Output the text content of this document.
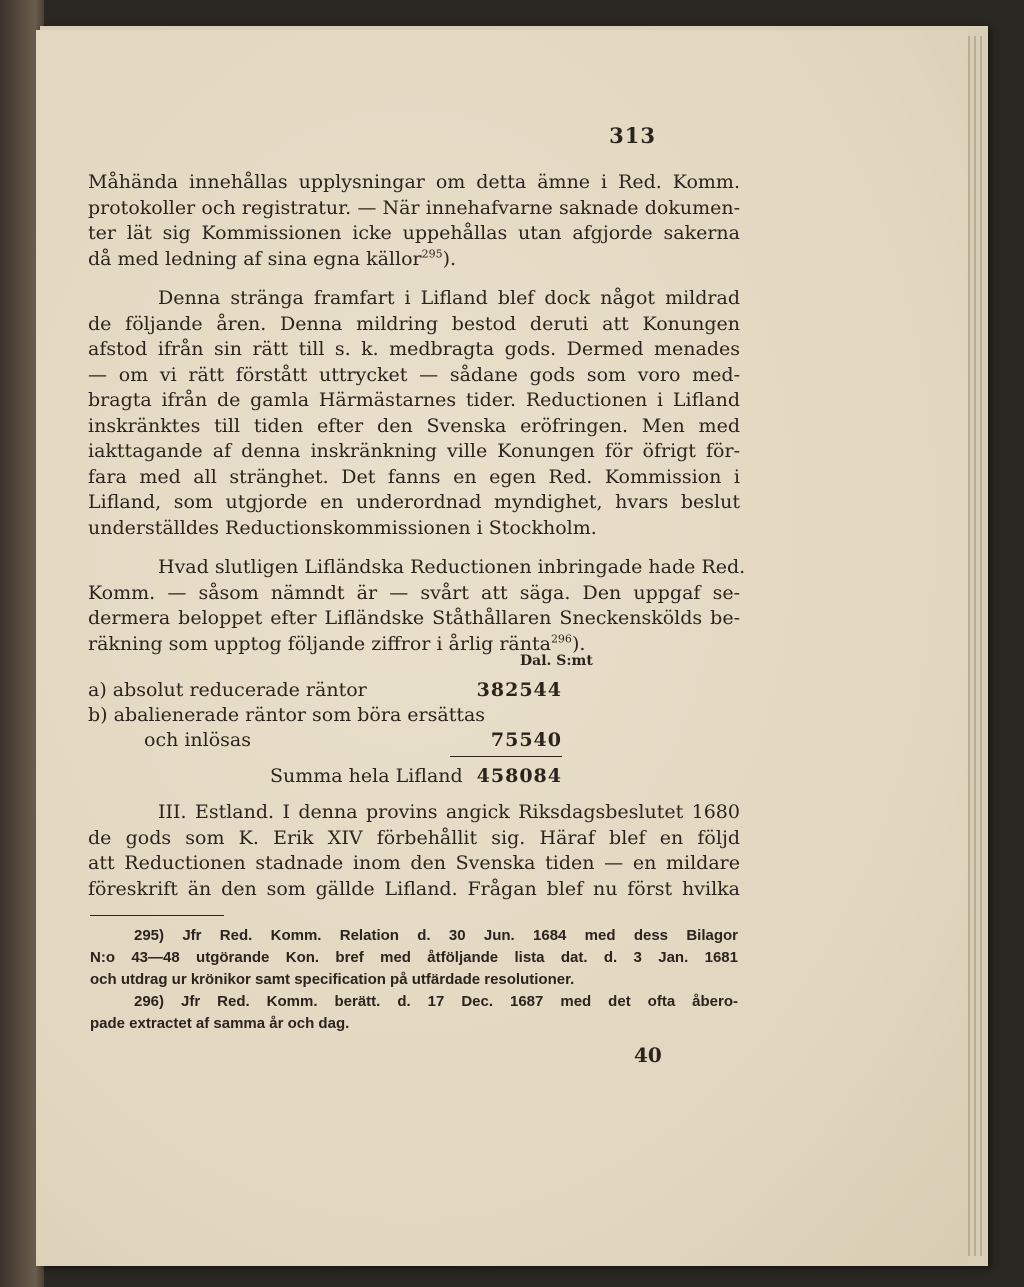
313
Måhända innehållas upplysningar om detta ämne i Red. Komm.
protokoller och registratur. — När innehafvarne saknade dokumen-
ter lät sig Kommissionen icke uppehållas utan afgjorde sakerna
då med ledning af sina egna källor$^{295}$).
Denna stränga framfart i Lifland blef dock något mildrad
de följande åren. Denna mildring bestod deruti att Konungen
afstod ifrån sin rätt till s. k. medbragta gods. Dermed menades
— om vi rätt förstått uttrycket — sådane gods som voro med-
bragta ifrån de gamla Härmästarnes tider. Reductionen i Lifland
inskränktes till tiden efter den Svenska eröfringen. Men med
iakttagande af denna inskränkning ville Konungen för öfrigt för-
fara med all stränghet. Det fanns en egen Red. Kommission i
Lifland, som utgjorde en underordnad myndighet, hvars beslut
underställdes Reductionskommissionen i Stockholm.
Hvad slutligen Lifländska Reductionen inbringade hade Red.
Komm. — såsom nämndt är — svårt att säga. Den uppgaf se-
dermera beloppet efter Lifländske Ståthållaren Sneckenskölds be-
räkning som upptog följande ziffror i årlig ränta$^{296}$).
Dal. S:mt
a) absolut reducerade räntor	382544
b) abalienerade räntor som böra ersättas
och inlösas	75540
Summa hela Lifland 458084
III. Estland. I denna provins angick Riksdagsbeslutet 1680
de gods som K. Erik XIV förbehållit sig. Häraf blef en följd
att Reductionen stadnade inom den Svenska tiden — en mildare
föreskrift än den som gällde Lifland. Frågan blef nu först hvilka
295) Jfr Red. Komm. Relation d. 30 Jun. 1684 med dess Bilagor
N:o 43—48 utgörande Kon. bref med åtföljande lista dat. d. 3 Jan. 1681
och utdrag ur krönikor samt specification på utfärdade resolutioner.
296) Jfr Red. Komm. berätt. d. 17 Dec. 1687 med det ofta åbero-
pade extractet af samma år och dag.
40
